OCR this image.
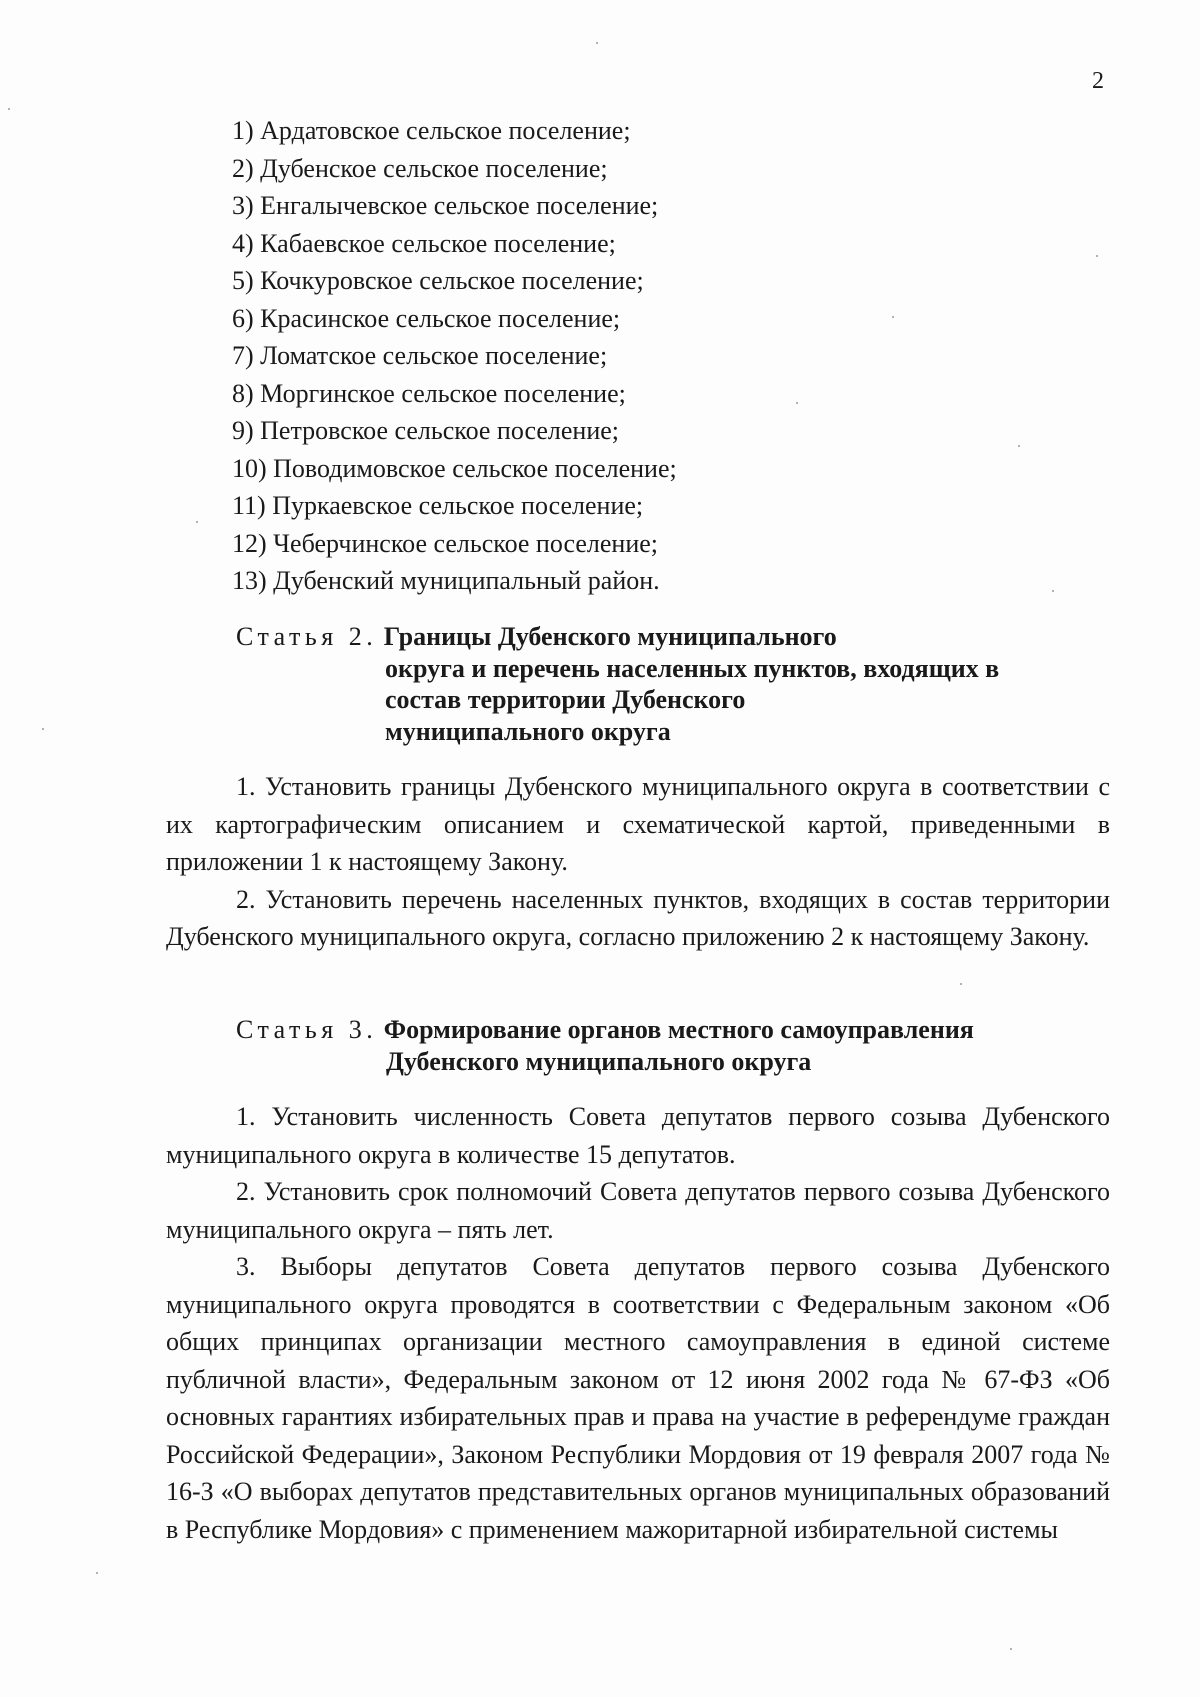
2
1) Ардатовское сельское поселение;
2) Дубенское сельское поселение;
3) Енгалычевское сельское поселение;
4) Кабаевское сельское поселение;
5) Кочкуровское сельское поселение;
6) Красинское сельское поселение;
7) Ломатское сельское поселение;
8) Моргинское сельское поселение;
9) Петровское сельское поселение;
10) Поводимовское сельское поселение;
11) Пуркаевское сельское поселение;
12) Чеберчинское сельское поселение;
13) Дубенский муниципальный район.
Статья 2. Границы Дубенского муниципального
округа и перечень населенных пунктов, входящих в
состав территории Дубенского
муниципального округа

1. Установить границы Дубенского муниципального округа в соответствии с их картографическим описанием и схематической картой, приведенными в приложении 1 к настоящему Закону.

2. Установить перечень населенных пунктов, входящих в состав территории Дубенского муниципального округа, согласно приложению 2 к настоящему Закону.

Статья 3. Формирование органов местного самоуправления
Дубенского муниципального округа

1. Установить численность Совета депутатов первого созыва Дубенского муниципального округа в количестве 15 депутатов.

2. Установить срок полномочий Совета депутатов первого созыва Дубенского муниципального округа – пять лет.

3. Выборы депутатов Совета депутатов первого созыва Дубенского муниципального округа проводятся в соответствии с Федеральным законом «Об общих принципах организации местного самоуправления в единой системе публичной власти», Федеральным законом от 12 июня 2002 года № 67-ФЗ «Об основных гарантиях избирательных прав и права на участие в референдуме граждан Российской Федерации», Законом Республики Мордовия от 19 февраля 2007 года № 16-З «О выборах депутатов представительных органов муниципальных образований в Республике Мордовия» с применением мажоритарной избирательной системы
